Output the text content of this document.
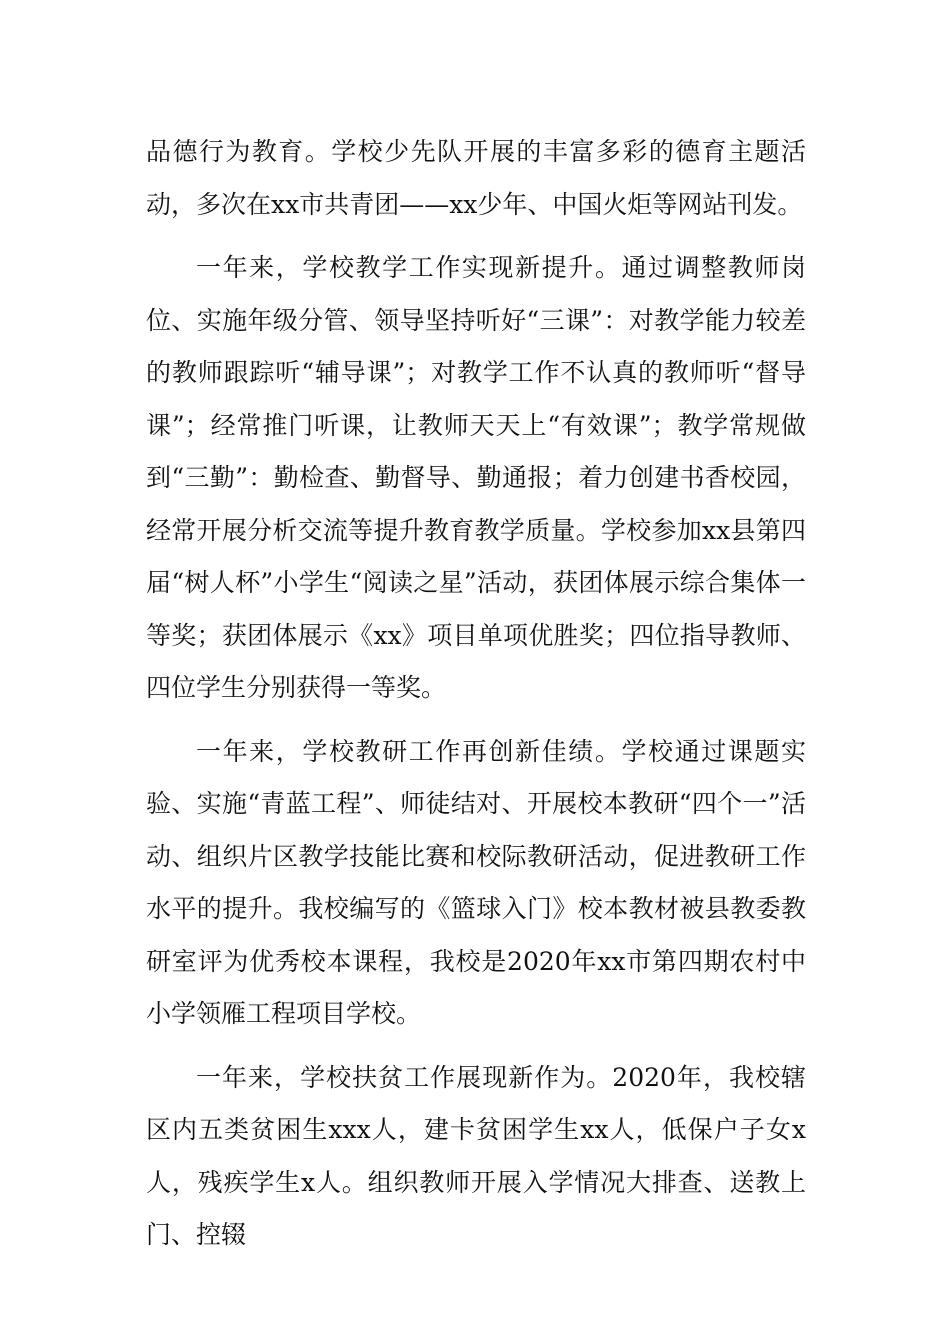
品德行为教育。学校少先队开展的丰富多彩的德育主题活动，多次在xx市共青团——xx少年、中国火炬等网站刊发。

一年来，学校教学工作实现新提升。通过调整教师岗位、实施年级分管、领导坚持听好“三课”：对教学能力较差的教师跟踪听“辅导课”；对教学工作不认真的教师听“督导课”；经常推门听课，让教师天天上“有效课”；教学常规做到“三勤”：勤检查、勤督导、勤通报；着力创建书香校园，经常开展分析交流等提升教育教学质量。学校参加xx县第四届“树人杯”小学生“阅读之星”活动，获团体展示综合集体一等奖；获团体展示《xx》项目单项优胜奖；四位指导教师、四位学生分别获得一等奖。

一年来，学校教研工作再创新佳绩。学校通过课题实验、实施“青蓝工程”、师徒结对、开展校本教研“四个一”活动、组织片区教学技能比赛和校际教研活动，促进教研工作水平的提升。我校编写的《篮球入门》校本教材被县教委教研室评为优秀校本课程，我校是2020年xx市第四期农村中小学领雁工程项目学校。

一年来，学校扶贫工作展现新作为。2020年，我校辖区内五类贫困生xxx人，建卡贫困学生xx人，低保户子女x人，残疾学生x人。组织教师开展入学情况大排查、送教上门、控辍
